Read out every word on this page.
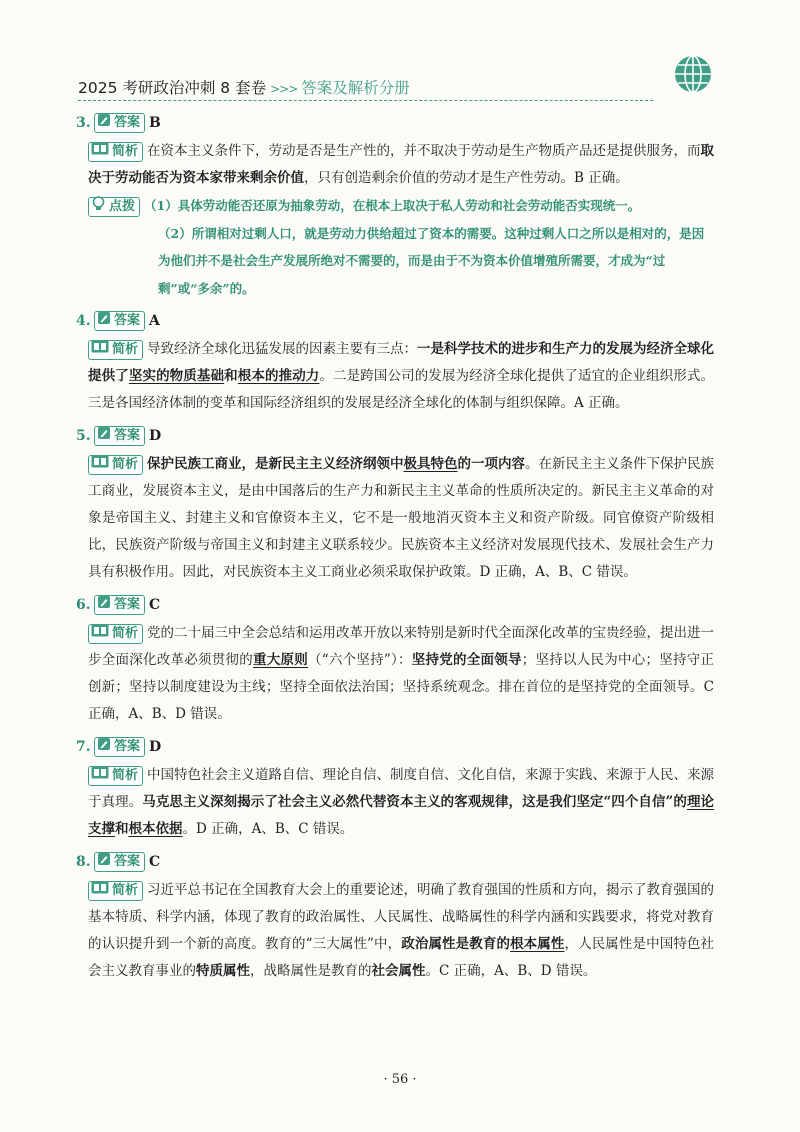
2025 考研政治冲刺 8 套卷 >>> 答案及解析分册
3. 答案 B
简析 在资本主义条件下，劳动是否是生产性的，并不取决于劳动是生产物质产品还是提供服务，而取决于劳动能否为资本家带来剩余价值，只有创造剩余价值的劳动才是生产性劳动。B 正确。
点拨 （1）具体劳动能否还原为抽象劳动，在根本上取决于私人劳动和社会劳动能否实现统一。
（2）所谓相对过剩人口，就是劳动力供给超过了资本的需要。这种过剩人口之所以是相对的，是因为他们并不是社会生产发展所绝对不需要的，而是由于不为资本价值增殖所需要，才成为“过剩”或“多余”的。
4. 答案 A
简析 导致经济全球化迅猛发展的因素主要有三点：一是科学技术的进步和生产力的发展为经济全球化提供了坚实的物质基础和根本的推动力。二是跨国公司的发展为经济全球化提供了适宜的企业组织形式。三是各国经济体制的变革和国际经济组织的发展是经济全球化的体制与组织保障。A 正确。
5. 答案 D
简析 保护民族工商业，是新民主主义经济纲领中极具特色的一项内容。在新民主主义条件下保护民族工商业，发展资本主义，是由中国落后的生产力和新民主主义革命的性质所决定的。新民主主义革命的对象是帝国主义、封建主义和官僚资本主义，它不是一般地消灭资本主义和资产阶级。同官僚资产阶级相比，民族资产阶级与帝国主义和封建主义联系较少。民族资本主义经济对发展现代技术、发展社会生产力具有积极作用。因此，对民族资本主义工商业必须采取保护政策。D 正确，A、B、C 错误。
6. 答案 C
简析 党的二十届三中全会总结和运用改革开放以来特别是新时代全面深化改革的宝贵经验，提出进一步全面深化改革必须贯彻的重大原则（“六个坚持”）：坚持党的全面领导；坚持以人民为中心；坚持守正创新；坚持以制度建设为主线；坚持全面依法治国；坚持系统观念。排在首位的是坚持党的全面领导。C 正确，A、B、D 错误。
7. 答案 D
简析 中国特色社会主义道路自信、理论自信、制度自信、文化自信，来源于实践、来源于人民、来源于真理。马克思主义深刻揭示了社会主义必然代替资本主义的客观规律，这是我们坚定“四个自信”的理论支撑和根本依据。D 正确，A、B、C 错误。
8. 答案 C
简析 习近平总书记在全国教育大会上的重要论述，明确了教育强国的性质和方向，揭示了教育强国的基本特质、科学内涵，体现了教育的政治属性、人民属性、战略属性的科学内涵和实践要求，将党对教育的认识提升到一个新的高度。教育的“三大属性”中，政治属性是教育的根本属性，人民属性是中国特色社会主义教育事业的特质属性，战略属性是教育的社会属性。C 正确，A、B、D 错误。
· 56 ·
